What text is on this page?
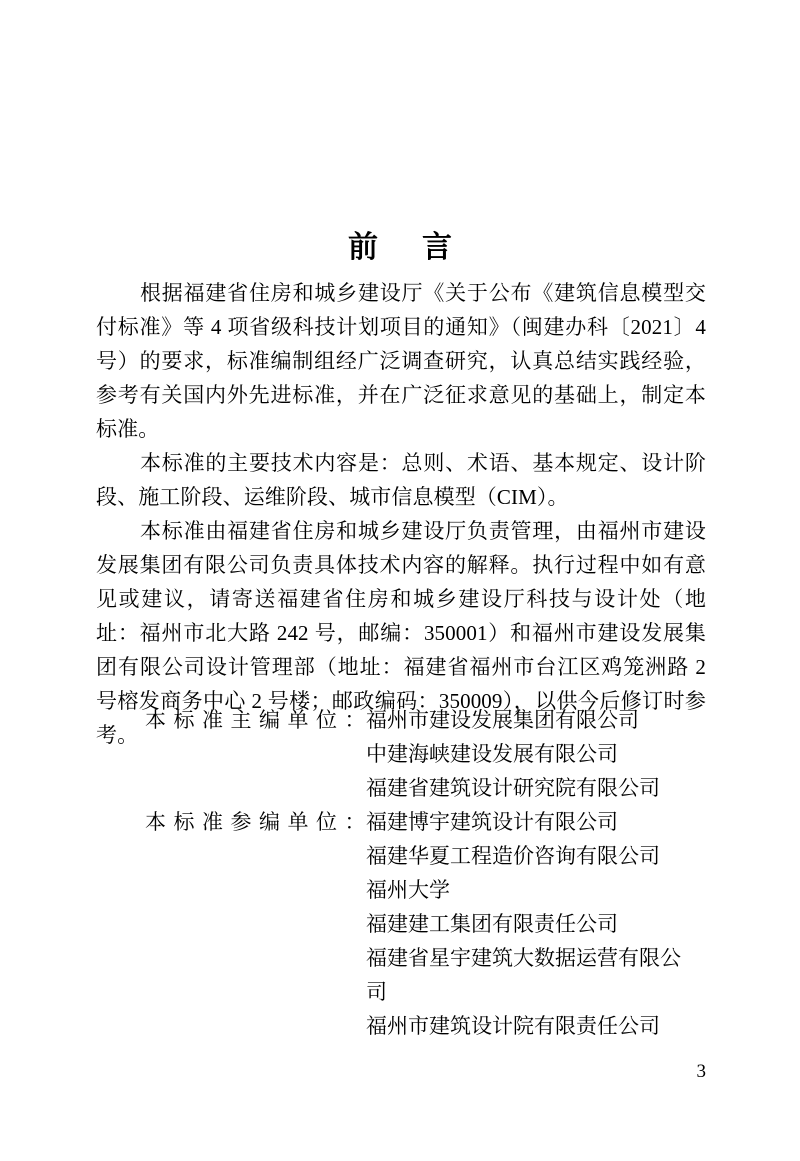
前 言

根据福建省住房和城乡建设厅《关于公布《建筑信息模型交付标准》等 4 项省级科技计划项目的通知》（闽建办科〔2021〕4 号）的要求，标准编制组经广泛调查研究，认真总结实践经验，参考有关国内外先进标准，并在广泛征求意见的基础上，制定本标准。

本标准的主要技术内容是：总则、术语、基本规定、设计阶段、施工阶段、运维阶段、城市信息模型（CIM）。

本标准由福建省住房和城乡建设厅负责管理，由福州市建设发展集团有限公司负责具体技术内容的解释。执行过程中如有意见或建议，请寄送福建省住房和城乡建设厅科技与设计处（地址：福州市北大路 242 号，邮编：350001）和福州市建设发展集团有限公司设计管理部（地址：福建省福州市台江区鸡笼洲路 2 号榕发商务中心 2 号楼；邮政编码：350009），以供今后修订时参考。

本标准主编单位：
福州市建设发展集团有限公司
中建海峡建设发展有限公司
福建省建筑设计研究院有限公司
本标准参编单位：
福建博宇建筑设计有限公司
福建华夏工程造价咨询有限公司
福州大学
福建建工集团有限责任公司
福建省星宇建筑大数据运营有限公司
福州市建筑设计院有限责任公司
3
